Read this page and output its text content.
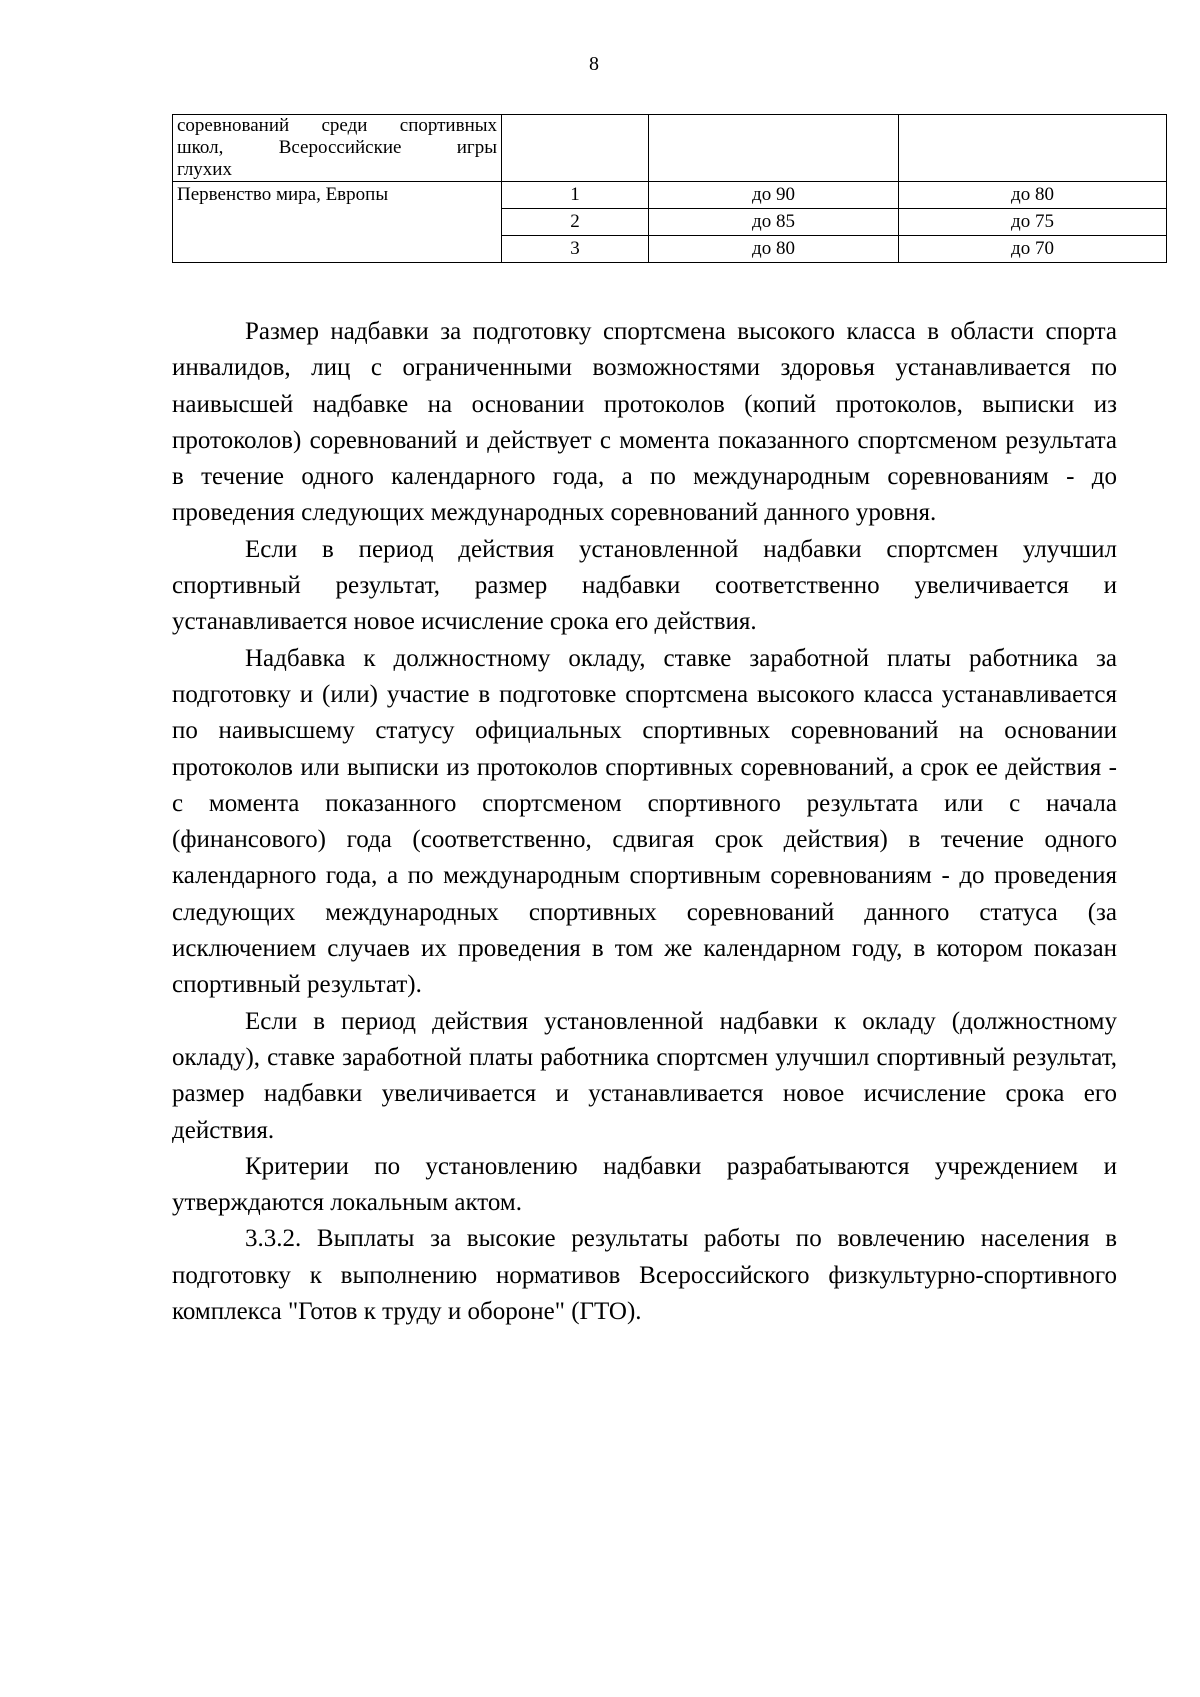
8
соревнований среди спортивных
школ, Всероссийские игры
глухих			

Первенство мира, Европы	1	до 90	до 80
	2	до 85	до 75
	3	до 80	до 70

Размер надбавки за подготовку спортсмена высокого класса в области спорта инвалидов, лиц с ограниченными возможностями здоровья устанавливается по наивысшей надбавке на основании протоколов (копий протоколов, выписки из протоколов) соревнований и действует с момента показанного спортсменом результата в течение одного календарного года, а по международным соревнованиям - до проведения следующих международных соревнований данного уровня.

Если в период действия установленной надбавки спортсмен улучшил спортивный результат, размер надбавки соответственно увеличивается и устанавливается новое исчисление срока его действия.

Надбавка к должностному окладу, ставке заработной платы работника за подготовку и (или) участие в подготовке спортсмена высокого класса устанавливается по наивысшему статусу официальных спортивных соревнований на основании протоколов или выписки из протоколов спортивных соревнований, а срок ее действия - с момента показанного спортсменом спортивного результата или с начала (финансового) года (соответственно, сдвигая срок действия) в течение одного календарного года, а по международным спортивным соревнованиям - до проведения следующих международных спортивных соревнований данного статуса (за исключением случаев их проведения в том же календарном году, в котором показан спортивный результат).

Если в период действия установленной надбавки к окладу (должностному окладу), ставке заработной платы работника спортсмен улучшил спортивный результат, размер надбавки увеличивается и устанавливается новое исчисление срока его действия.

Критерии по установлению надбавки разрабатываются учреждением и утверждаются локальным актом.

3.3.2. Выплаты за высокие результаты работы по вовлечению населения в подготовку к выполнению нормативов Всероссийского физкультурно-спортивного комплекса "Готов к труду и обороне" (ГТО).
